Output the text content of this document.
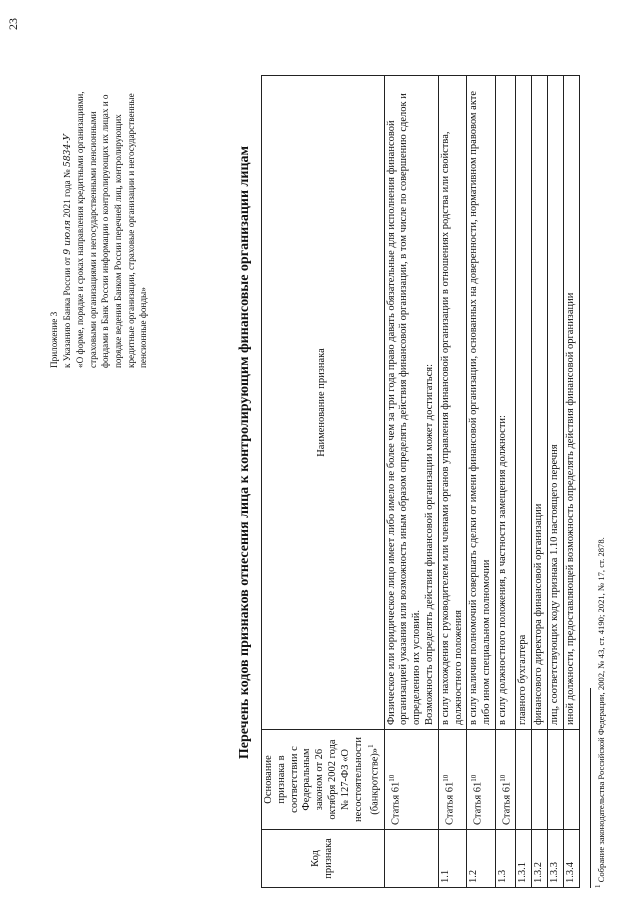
23
Приложение 3 к Указанию Банка России от 9 июля 2021 года № 5834-У «О форме, порядке и сроках направления кредитными организациями, страховыми организациями и негосударственными пенсионными фондами в Банк России информации о контролирующих их лицах и о порядке ведения Банком России перечней лиц, контролирующих кредитные организации, страховые организации и негосударственные пенсионные фонды»	Перечень кодов признаков отнесения лица к контролирующим финансовые организации лицам
Код признака	Основание признака в соответствии с Федеральным законом от 26 октября 2002 года № 127-ФЗ «О несостоятельности (банкротстве)»$^1$	Наименование признака
	Статья $61^{10}$	Физическое или юридическое лицо имеет либо имело не более чем за три года право давать обязательные для исполнения финансовой организацией указания или возможность иным образом определять действия финансовой организации, в том числе по совершению сделок и определению их условий.
Возможность определять действия финансовой организации может достигаться:
1.1	Статья $61^{10}$	в силу нахождения с руководителем или членами органов управления финансовой организации в отношениях родства или свойства, должностного положения
1.2	Статья $61^{10}$	в силу наличия полномочий совершать сделки от имени финансовой организации, основанных на доверенности, нормативном правовом акте либо ином специальном полномочии
1.3	Статья $61^{10}$	в силу должностного положения, в частности замещения должности:
1.3.1		главного бухгалтера
1.3.2		финансового директора финансовой организации
1.3.3		лиц, соответствующих коду признака 1.10 настоящего перечня
1.3.4		иной должности, предоставляющей возможность определять действия финансовой организации
$^1$ Собрание законодательства Российской Федерации, 2002, № 43, ст. 4190; 2021, № 17, ст. 2878.
